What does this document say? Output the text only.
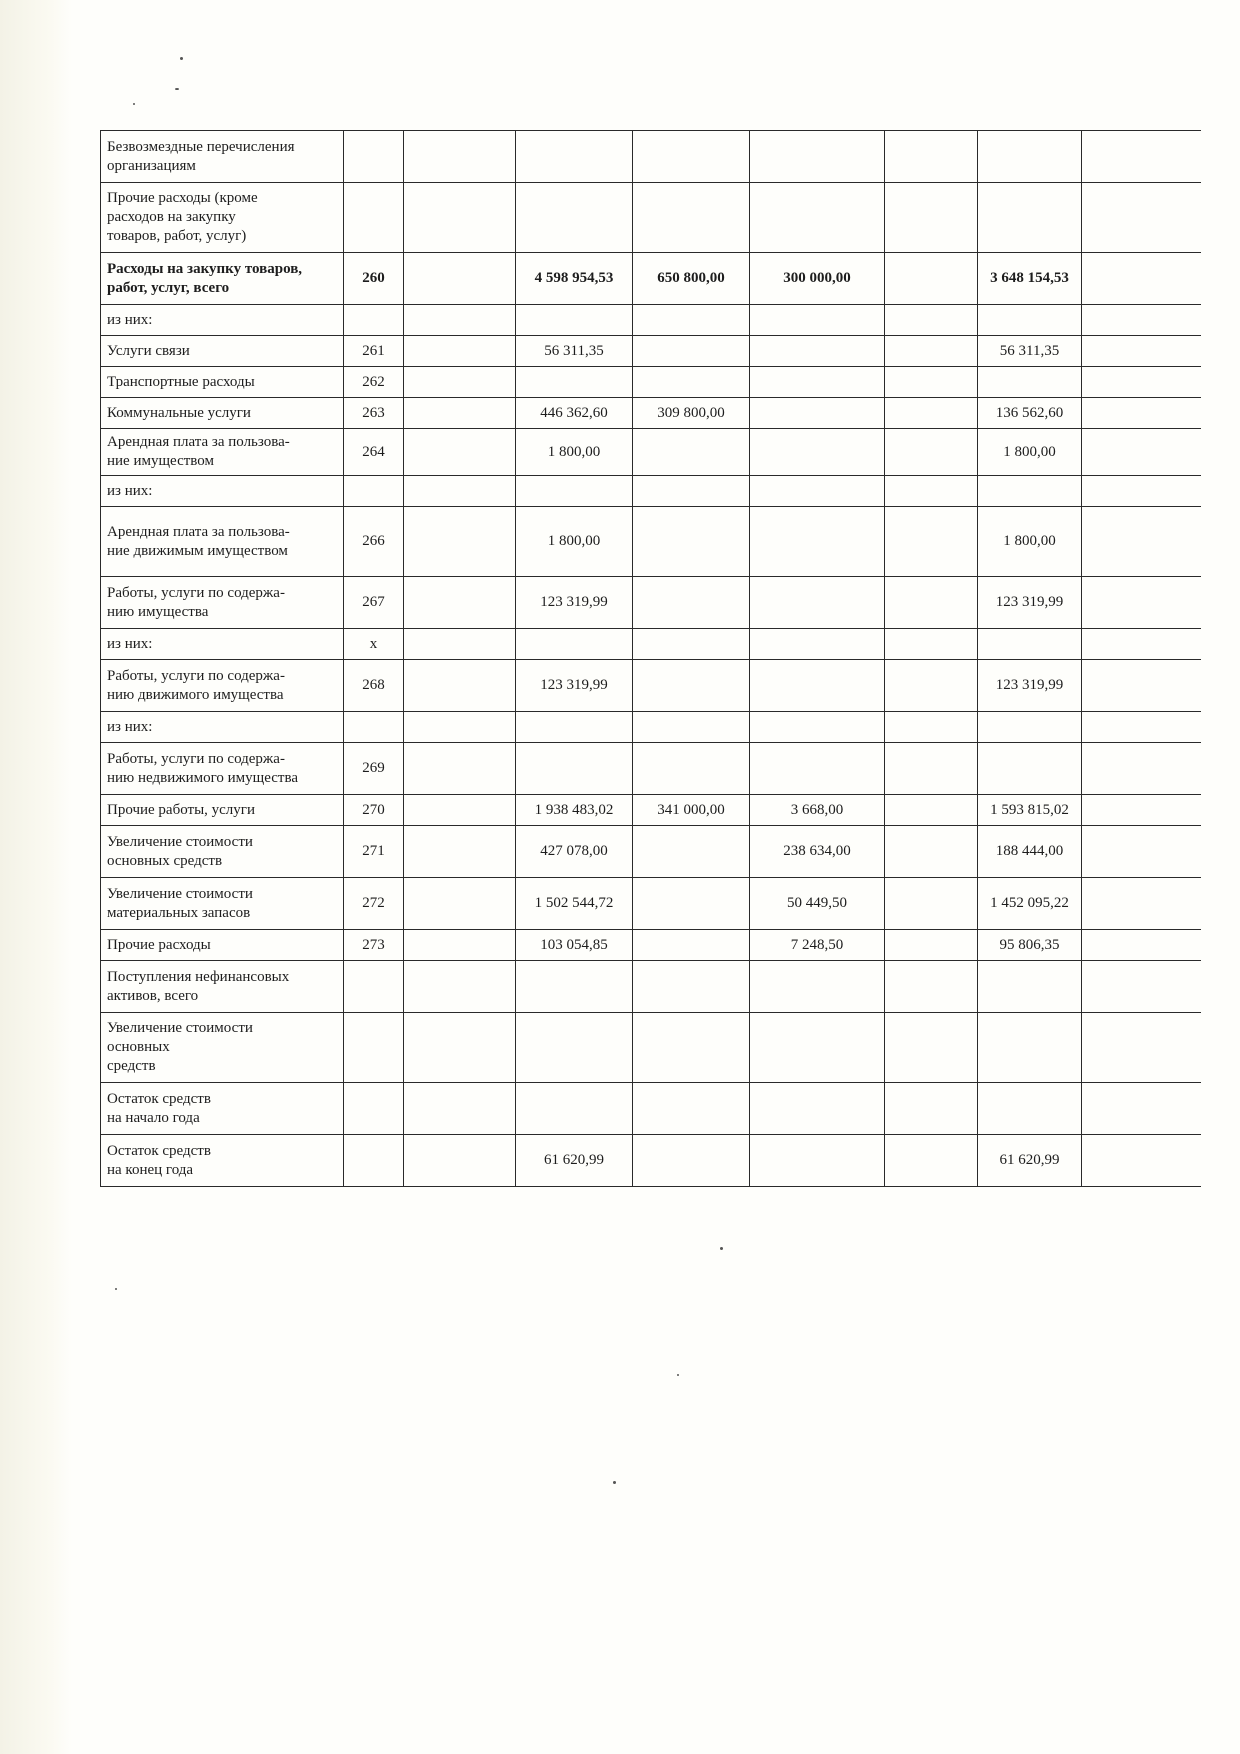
Безвозмездные перечисления
организациям								

Прочие расходы (кроме
расходов на закупку
товаров, работ, услуг)								

Расходы на закупку товаров,
работ, услуг, всего	260		4 598 954,53	650 800,00	300 000,00		3 648 154,53	

из них:								

Услуги связи	261		56 311,35				56 311,35	

Транспортные расходы	262							

Коммунальные услуги	263		446 362,60	309 800,00			136 562,60	

Арендная плата за пользова-
ние имуществом	264		1 800,00				1 800,00	

из них:								

Арендная плата за пользова-
ние движимым имуществом	266		1 800,00				1 800,00	

Работы, услуги по содержа-
нию имущества	267		123 319,99				123 319,99	

из них:	x							

Работы, услуги по содержа-
нию движимого имущества	268		123 319,99				123 319,99	

из них:								

Работы, услуги по содержа-
нию недвижимого имущества	269							

Прочие работы, услуги	270		1 938 483,02	341 000,00	3 668,00		1 593 815,02	

Увеличение стоимости
основных средств	271		427 078,00		238 634,00		188 444,00	

Увеличение стоимости
материальных запасов	272		1 502 544,72		50 449,50		1 452 095,22	

Прочие расходы	273		103 054,85		7 248,50		95 806,35	

Поступления нефинансовых
активов, всего								

Увеличение стоимости
основных
средств								

Остаток средств
на начало года								

Остаток средств
на конец года			61 620,99				61 620,99	
